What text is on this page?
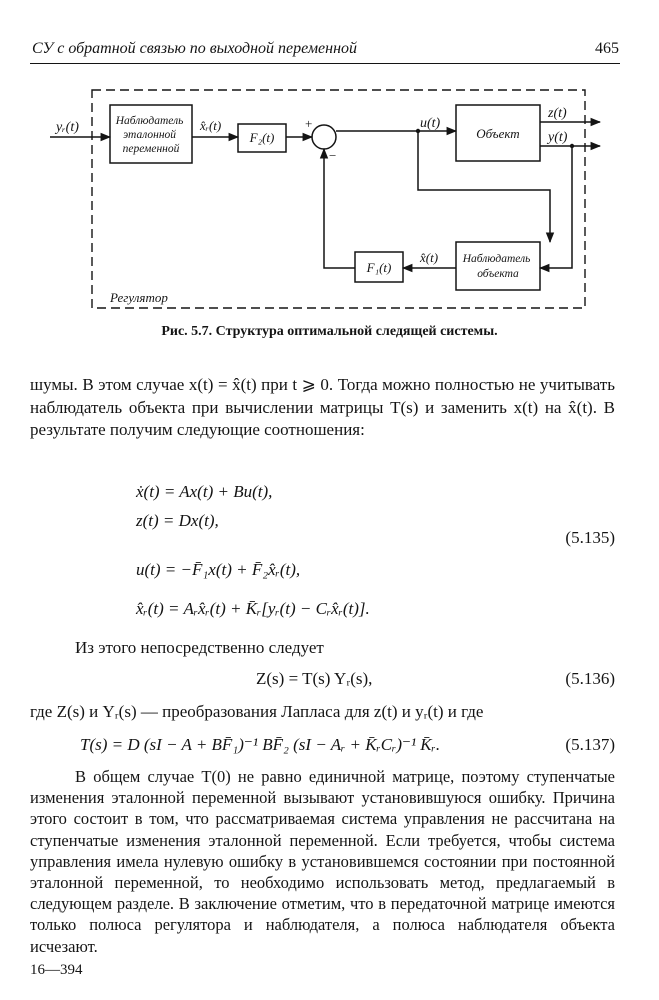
СУ с обратной связью по выходной переменной	465
Наблюдатель эталонной переменной
F₂(t)	Объект
F₁(t)
Наблюдатель объекта
yᵣ(t)	x̂ᵣ(t)	u(t)
z(t)
y(t)
x̂(t)
Регулятор
+
−
Рис. 5.7. Структура оптимальной следящей системы.
шумы. В этом случае x(t) = x̂(t) при t ⩾ 0. Тогда можно полностью не учитывать наблюдатель объекта при вычислении матрицы T(s) и заменить x(t) на x̂(t). В результате получим следующие соотношения:
ẋ(t) = Ax(t) + Bu(t),
z(t) = Dx(t),
u(t) = −F̄₁x(t) + F̄₂x̂ᵣ(t),
x̂ᵣ(t) = Aᵣx̂ᵣ(t) + K̄ᵣ[yᵣ(t) − Cᵣx̂ᵣ(t)].
(5.135)
Из этого непосредственно следует
Z(s) = T(s) Yᵣ(s),	(5.136)
где Z(s) и Yᵣ(s) — преобразования Лапласа для z(t) и yᵣ(t) и где
T(s) = D (sI − A + BF̄₁)⁻¹ BF̄₂ (sI − Aᵣ + K̄ᵣCᵣ)⁻¹ K̄ᵣ.	(5.137)
В общем случае T(0) не равно единичной матрице, поэтому ступенчатые изменения эталонной переменной вызывают установившуюся ошибку. Причина этого состоит в том, что рассматриваемая система управления не рассчитана на ступенчатые изменения эталонной переменной. Если требуется, чтобы система управления имела нулевую ошибку в установившемся состоянии при постоянной эталонной переменной, то необходимо использовать метод, предлагаемый в следующем разделе. В заключение отметим, что в передаточной матрице имеются только полюса регулятора и наблюдателя, а полюса наблюдателя объекта исчезают.
16—394
